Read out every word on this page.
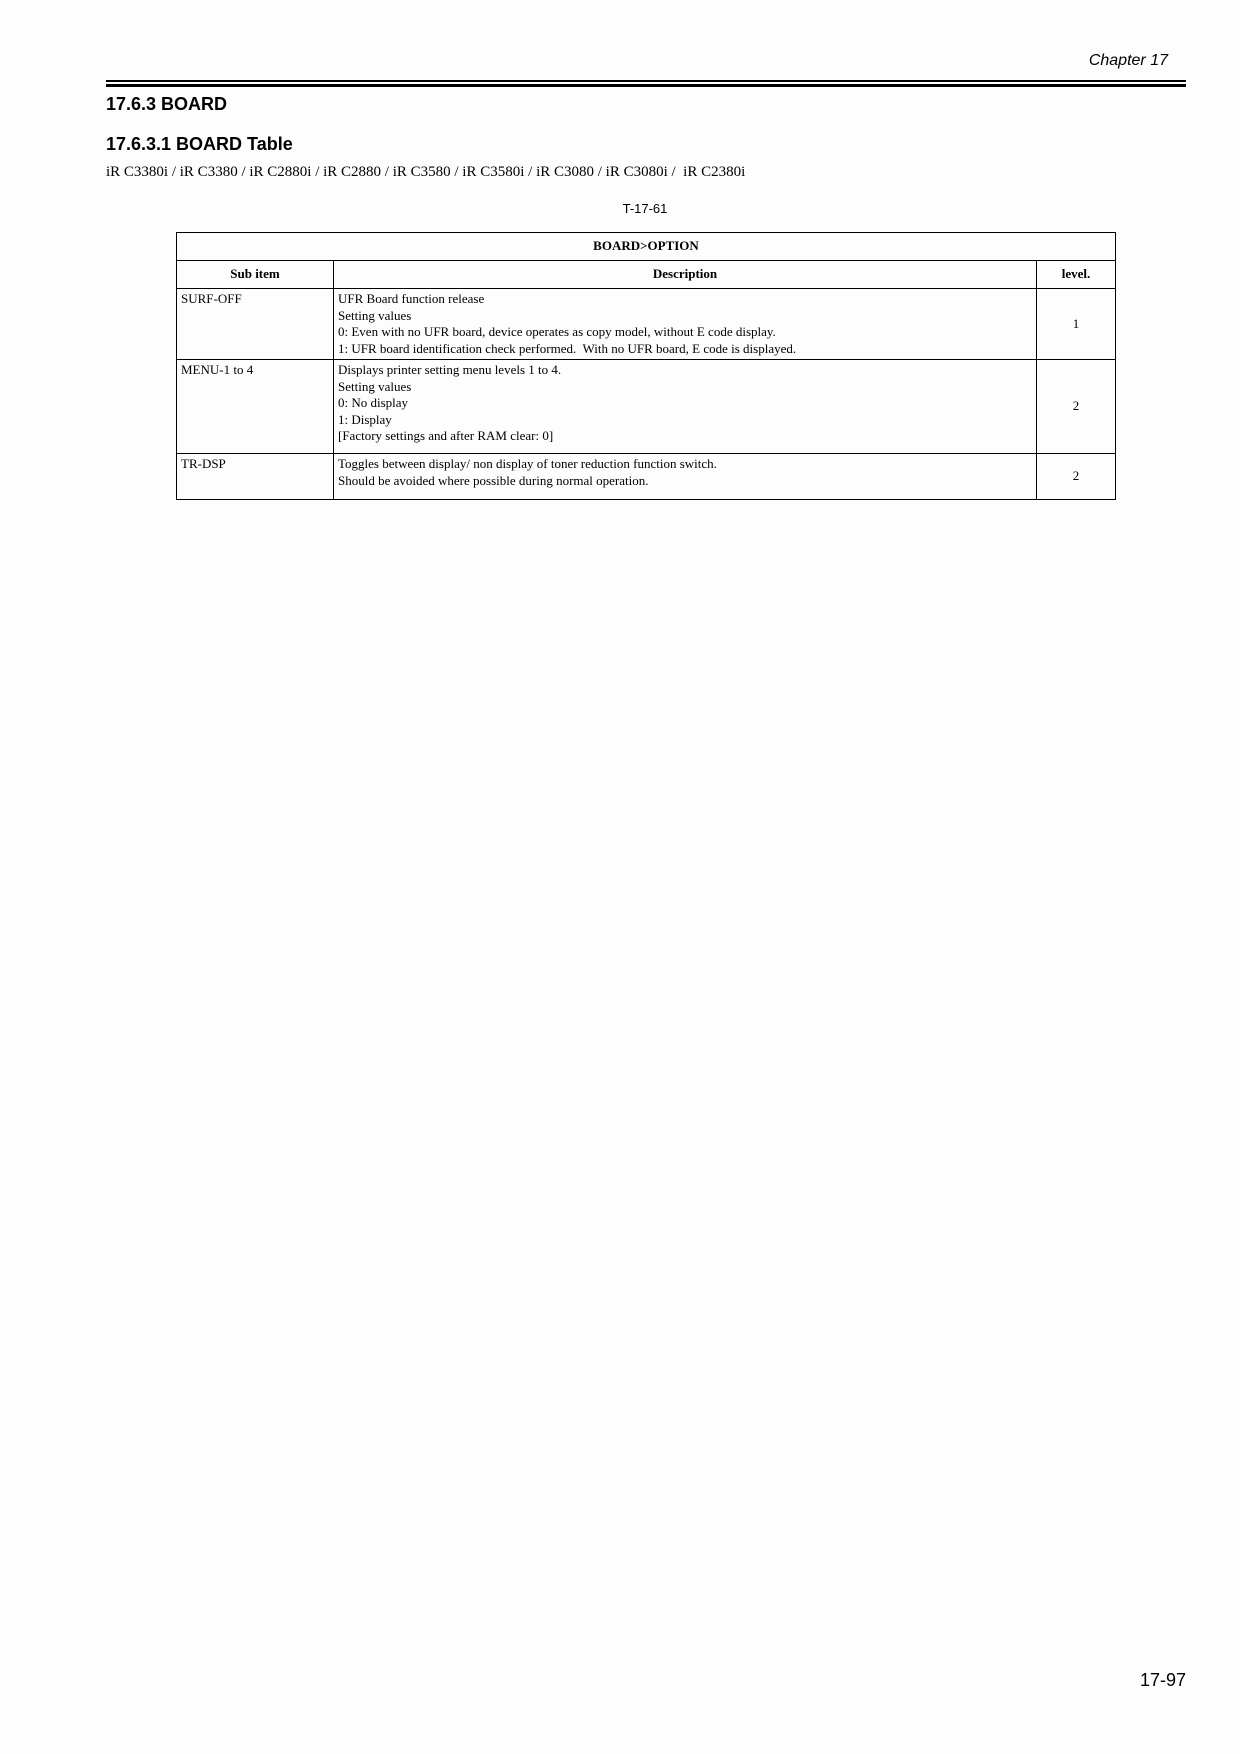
Chapter 17
17.6.3 BOARD
17.6.3.1 BOARD Table
iR C3380i / iR C3380 / iR C2880i / iR C2880 / iR C3580 / iR C3580i / iR C3080 / iR C3080i /  iR C2380i
T-17-61
BOARD>OPTION		
Sub item	Description	level.
SURF-OFF	UFR Board function release
Setting values
0: Even with no UFR board, device operates as copy model, without E code display.
1: UFR board identification check performed.  With no UFR board, E code is displayed.	1
MENU-1 to 4	Displays printer setting menu levels 1 to 4.
Setting values
0: No display
1: Display
[Factory settings and after RAM clear: 0]	2
TR-DSP	Toggles between display/ non display of toner reduction function switch.
Should be avoided where possible during normal operation.	2
17-97
